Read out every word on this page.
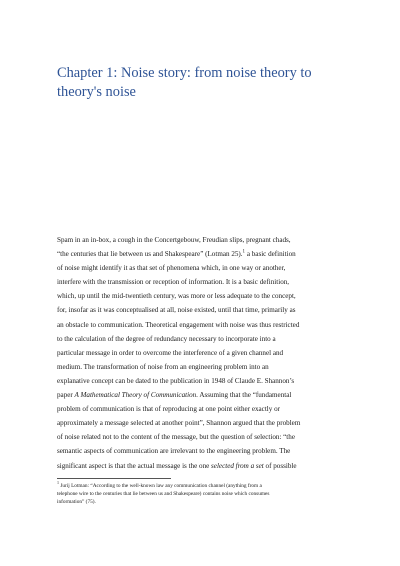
Chapter 1: Noise story: from noise theory to theory's noise
Spam in an in-box, a cough in the Concertgebouw, Freudian slips, pregnant chads,
“the centuries that lie between us and Shakespeare” (Lotman 25).$^1$ a basic definition
of noise might identify it as that set of phenomena which, in one way or another,
interfere with the transmission or reception of information. It is a basic definition,
which, up until the mid-twentieth century, was more or less adequate to the concept,
for, insofar as it was conceptualised at all, noise existed, until that time, primarily as
an obstacle to communication. Theoretical engagement with noise was thus restricted
to the calculation of the degree of redundancy necessary to incorporate into a
particular message in order to overcome the interference of a given channel and
medium. The transformation of noise from an engineering problem into an
explanative concept can be dated to the publication in 1948 of Claude E. Shannon’s
paper A Mathematical Theory of Communication. Assuming that the “fundamental
problem of communication is that of reproducing at one point either exactly or
approximately a message selected at another point”, Shannon argued that the problem
of noise related not to the content of the message, but the question of selection: “the
semantic aspects of communication are irrelevant to the engineering problem. The
significant aspect is that the actual message is the one selected from a set of possible
$^1$ Jurij Lotman: “According to the well-known law any communication channel (anything from a
telephone wire to the centuries that lie between us and Shakespeare) contains noise which consumes
information” (75).
